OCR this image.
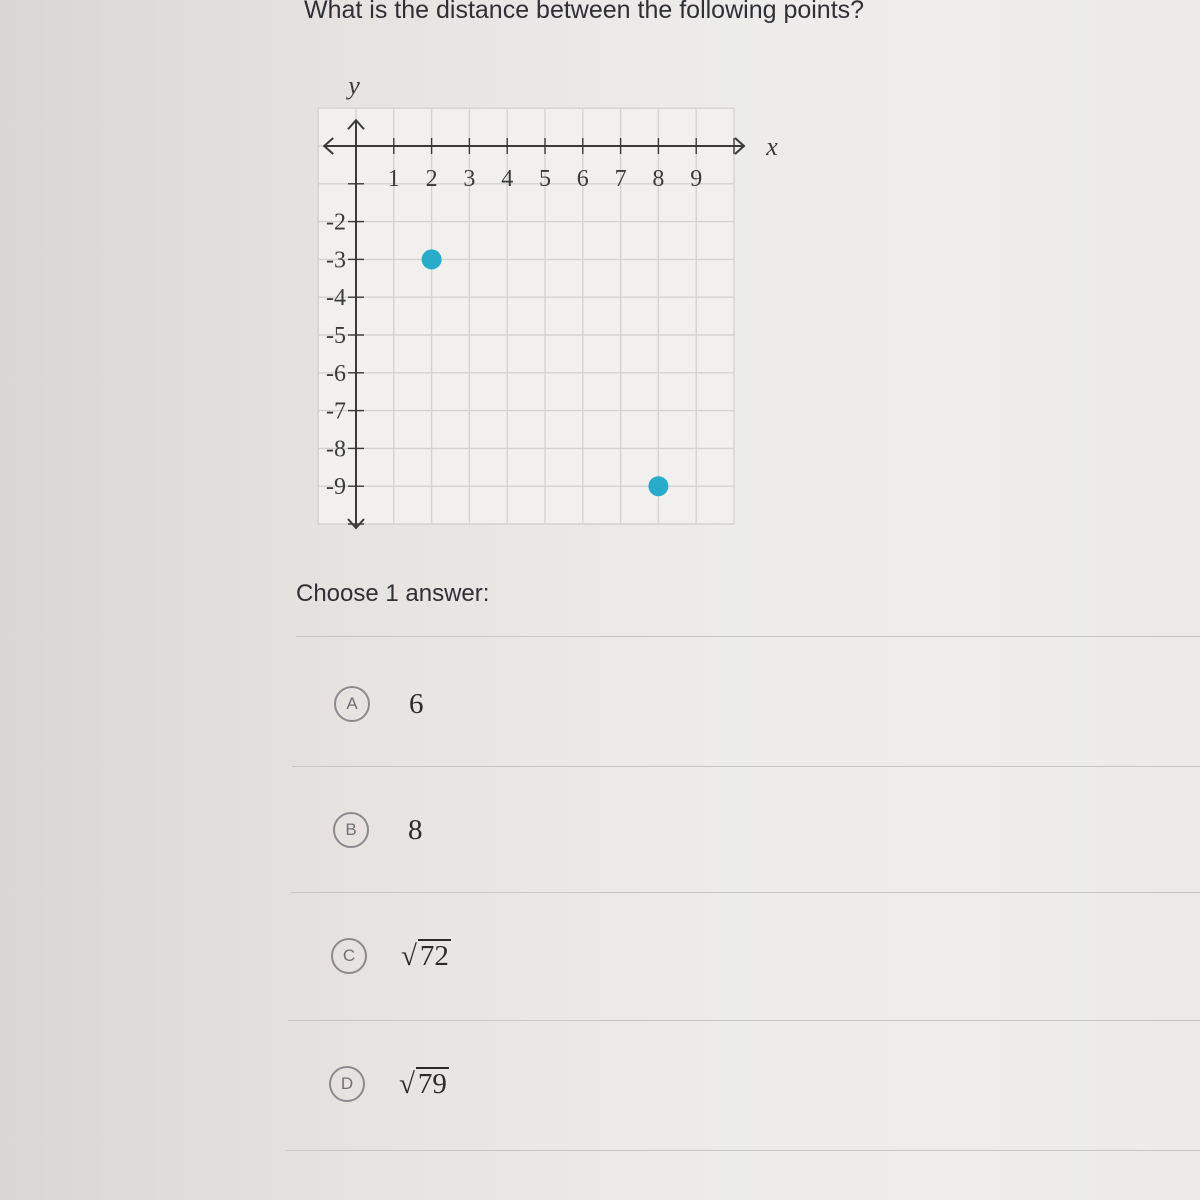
What is the distance between the following points?
1 2 3 4 5 6 7 8 9
-2
-3
-4
-5
-6
-7
-8
-9
x
y
Choose 1 answer:
A	6
B	8
C	√ 72
D	√ 79
